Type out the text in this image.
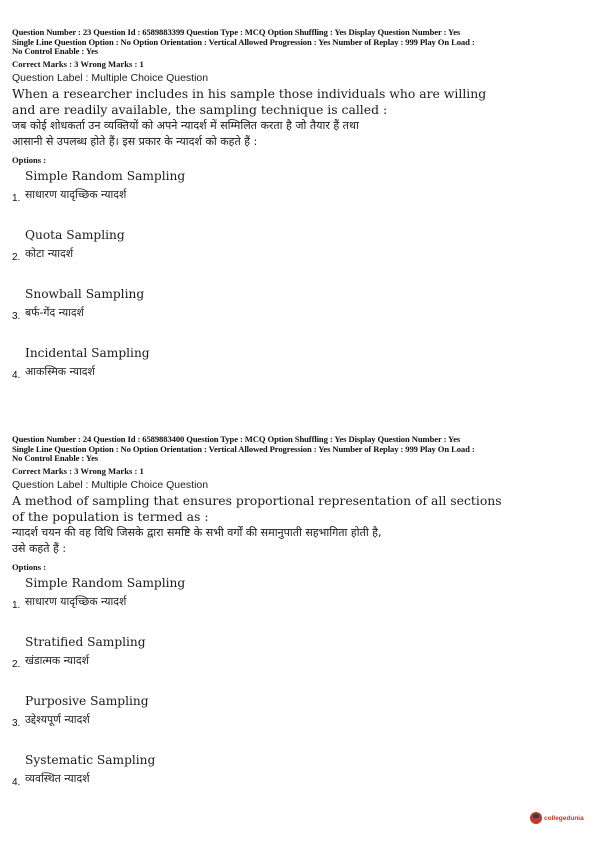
Question Number : 23 Question Id : 6589883399 Question Type : MCQ Option Shuffling : Yes Display Question Number : Yes
Single Line Question Option : No Option Orientation : Vertical Allowed Progression : Yes Number of Replay : 999 Play On Load :
No Control Enable : Yes
Correct Marks : 3 Wrong Marks : 1
Question Label : Multiple Choice Question
When a researcher includes in his sample those individuals who are willing
and are readily available, the sampling technique is called :
जब कोई शोधकर्ता उन व्यक्तियों को अपने न्यादर्श में सम्मिलित करता है जो तैयार हैं तथा
आसानी से उपलब्ध होते हैं। इस प्रकार के न्यादर्श को कहते हैं :
Options :
Simple Random Sampling
साधारण यादृच्छिक न्यादर्श
1.
Quota Sampling
कोटा न्यादर्श
2.
Snowball Sampling
बर्फ-गेंद न्यादर्श
3.
Incidental Sampling
आकस्मिक न्यादर्श
4.
Question Number : 24 Question Id : 6589883400 Question Type : MCQ Option Shuffling : Yes Display Question Number : Yes
Single Line Question Option : No Option Orientation : Vertical Allowed Progression : Yes Number of Replay : 999 Play On Load :
No Control Enable : Yes
Correct Marks : 3 Wrong Marks : 1
Question Label : Multiple Choice Question
A method of sampling that ensures proportional representation of all sections
of the population is termed as :
न्यादर्श चयन की वह विधि जिसके द्वारा समष्टि के सभी वर्गों की समानुपाती सहभागिता होती है,
उसे कहते हैं :
Options :
Simple Random Sampling
साधारण यादृच्छिक न्यादर्श
1.
Stratified Sampling
खंडात्मक न्यादर्श
2.
Purposive Sampling
उद्देश्यपूर्ण न्यादर्श
3.
Systematic Sampling
व्यवस्थित न्यादर्श
4.
collegedunia
